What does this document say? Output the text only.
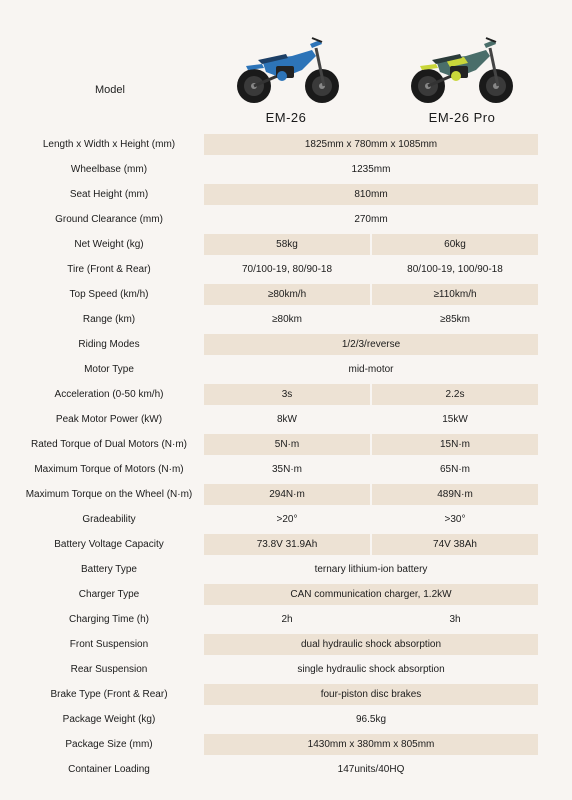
Model
EM-26	EM-26 Pro
Length x Width x Height (mm)	1825mm x 780mm x 1085mm
Wheelbase (mm)	1235mm
Seat Height (mm)	810mm
Ground Clearance (mm)	270mm
Net Weight (kg)	58kg	60kg
Tire (Front & Rear)	70/100-19, 80/90-18	80/100-19, 100/90-18
Top Speed (km/h)	≥80km/h	≥110km/h
Range (km)	≥80km	≥85km
Riding Modes	1/2/3/reverse
Motor Type	mid-motor
Acceleration (0-50 km/h)	3s	2.2s
Peak Motor Power (kW)	8kW	15kW
Rated Torque of Dual Motors (N·m)	5N·m	15N·m
Maximum Torque of Motors (N·m)	35N·m	65N·m
Maximum Torque on the Wheel (N·m)	294N·m	489N·m
Gradeability	>20°	>30°
Battery Voltage Capacity	73.8V 31.9Ah	74V 38Ah
Battery Type	ternary lithium-ion battery
Charger Type	CAN communication charger, 1.2kW
Charging Time (h)	2h	3h
Front Suspension	dual hydraulic shock absorption
Rear Suspension	single hydraulic shock absorption
Brake Type (Front & Rear)	four-piston disc brakes
Package Weight (kg)	96.5kg
Package Size (mm)	1430mm x 380mm x 805mm
Container Loading	147units/40HQ
